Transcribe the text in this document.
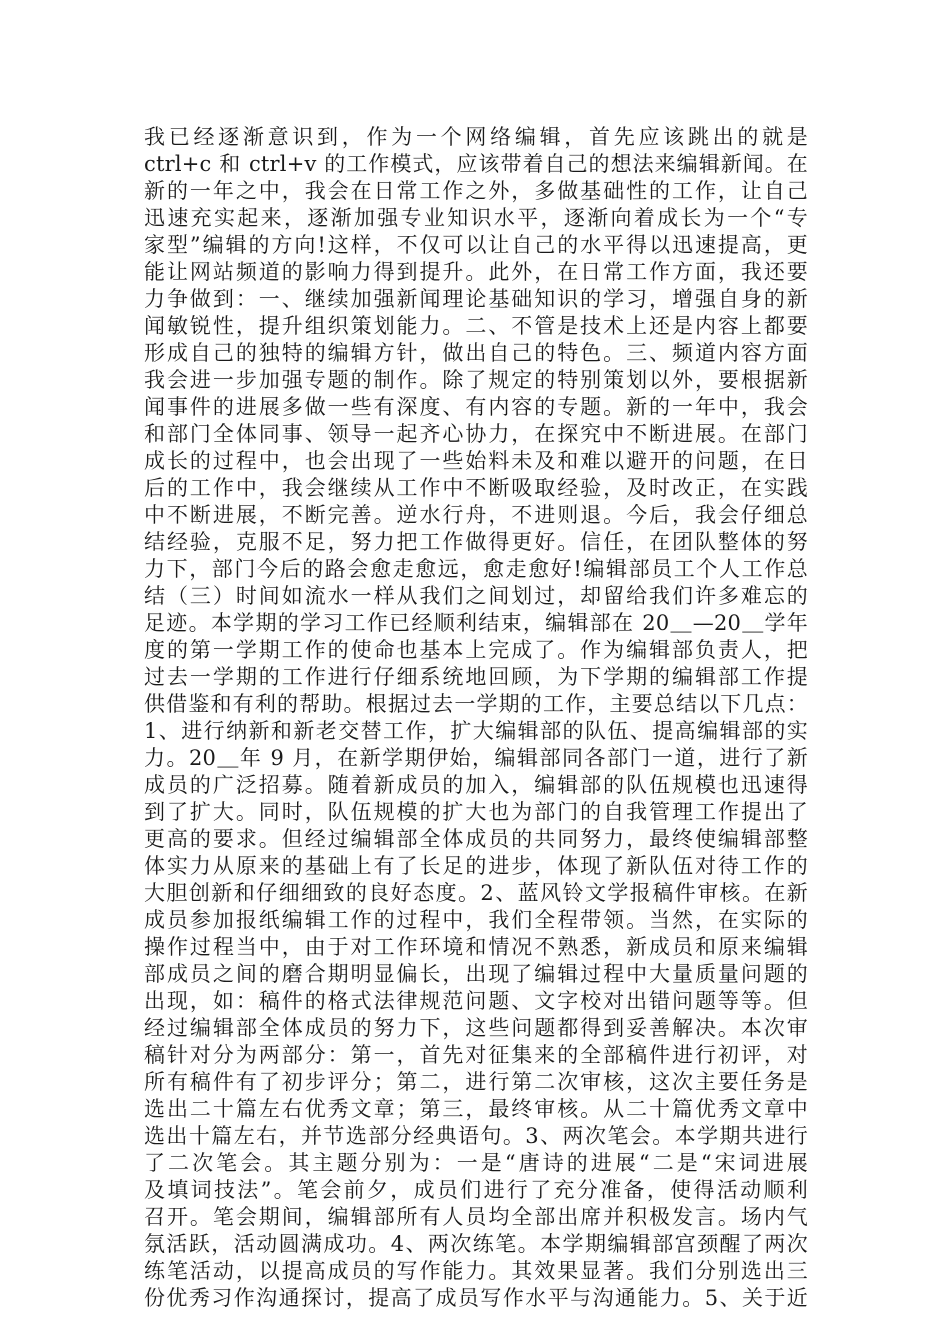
我已经逐渐意识到，作为一个网络编辑，首先应该跳出的就是
ctrl+c 和 ctrl+v 的工作模式，应该带着自己的想法来编辑新闻。在
新的一年之中，我会在日常工作之外，多做基础性的工作，让自己
迅速充实起来，逐渐加强专业知识水平，逐渐向着成长为一个“专
家型”编辑的方向!这样，不仅可以让自己的水平得以迅速提高，更
能让网站频道的影响力得到提升。此外，在日常工作方面，我还要
力争做到：一、继续加强新闻理论基础知识的学习，增强自身的新
闻敏锐性，提升组织策划能力。二、不管是技术上还是内容上都要
形成自己的独特的编辑方针，做出自己的特色。三、频道内容方面
我会进一步加强专题的制作。除了规定的特别策划以外，要根据新
闻事件的进展多做一些有深度、有内容的专题。新的一年中，我会
和部门全体同事、领导一起齐心协力，在探究中不断进展。在部门
成长的过程中，也会出现了一些始料未及和难以避开的问题，在日
后的工作中，我会继续从工作中不断吸取经验，及时改正，在实践
中不断进展，不断完善。逆水行舟，不进则退。今后，我会仔细总
结经验，克服不足，努力把工作做得更好。信任，在团队整体的努
力下，部门今后的路会愈走愈远，愈走愈好!编辑部员工个人工作总
结（三）时间如流水一样从我们之间划过，却留给我们许多难忘的
足迹。本学期的学习工作已经顺利结束，编辑部在 20＿—20＿学年
度的第一学期工作的使命也基本上完成了。作为编辑部负责人，把
过去一学期的工作进行仔细系统地回顾，为下学期的编辑部工作提
供借鉴和有利的帮助。根据过去一学期的工作，主要总结以下几点：
1、进行纳新和新老交替工作，扩大编辑部的队伍、提高编辑部的实
力。20＿年 9 月，在新学期伊始，编辑部同各部门一道，进行了新
成员的广泛招募。随着新成员的加入，编辑部的队伍规模也迅速得
到了扩大。同时，队伍规模的扩大也为部门的自我管理工作提出了
更高的要求。但经过编辑部全体成员的共同努力，最终使编辑部整
体实力从原来的基础上有了长足的进步，体现了新队伍对待工作的
大胆创新和仔细细致的良好态度。2、蓝风铃文学报稿件审核。在新
成员参加报纸编辑工作的过程中，我们全程带领。当然，在实际的
操作过程当中，由于对工作环境和情况不熟悉，新成员和原来编辑
部成员之间的磨合期明显偏长，出现了编辑过程中大量质量问题的
出现，如：稿件的格式法律规范问题、文字校对出错问题等等。但
经过编辑部全体成员的努力下，这些问题都得到妥善解决。本次审
稿针对分为两部分：第一，首先对征集来的全部稿件进行初评，对
所有稿件有了初步评分；第二，进行第二次审核，这次主要任务是
选出二十篇左右优秀文章；第三，最终审核。从二十篇优秀文章中
选出十篇左右，并节选部分经典语句。3、两次笔会。本学期共进行
了二次笔会。其主题分别为：一是“唐诗的进展“二是“宋词进展
及填词技法”。笔会前夕，成员们进行了充分准备，使得活动顺利
召开。笔会期间，编辑部所有人员均全部出席并积极发言。场内气
氛活跃，活动圆满成功。4、两次练笔。本学期编辑部宫颈醒了两次
练笔活动，以提高成员的写作能力。其效果显著。我们分别选出三
份优秀习作沟通探讨，提高了成员写作水平与沟通能力。5、关于近
